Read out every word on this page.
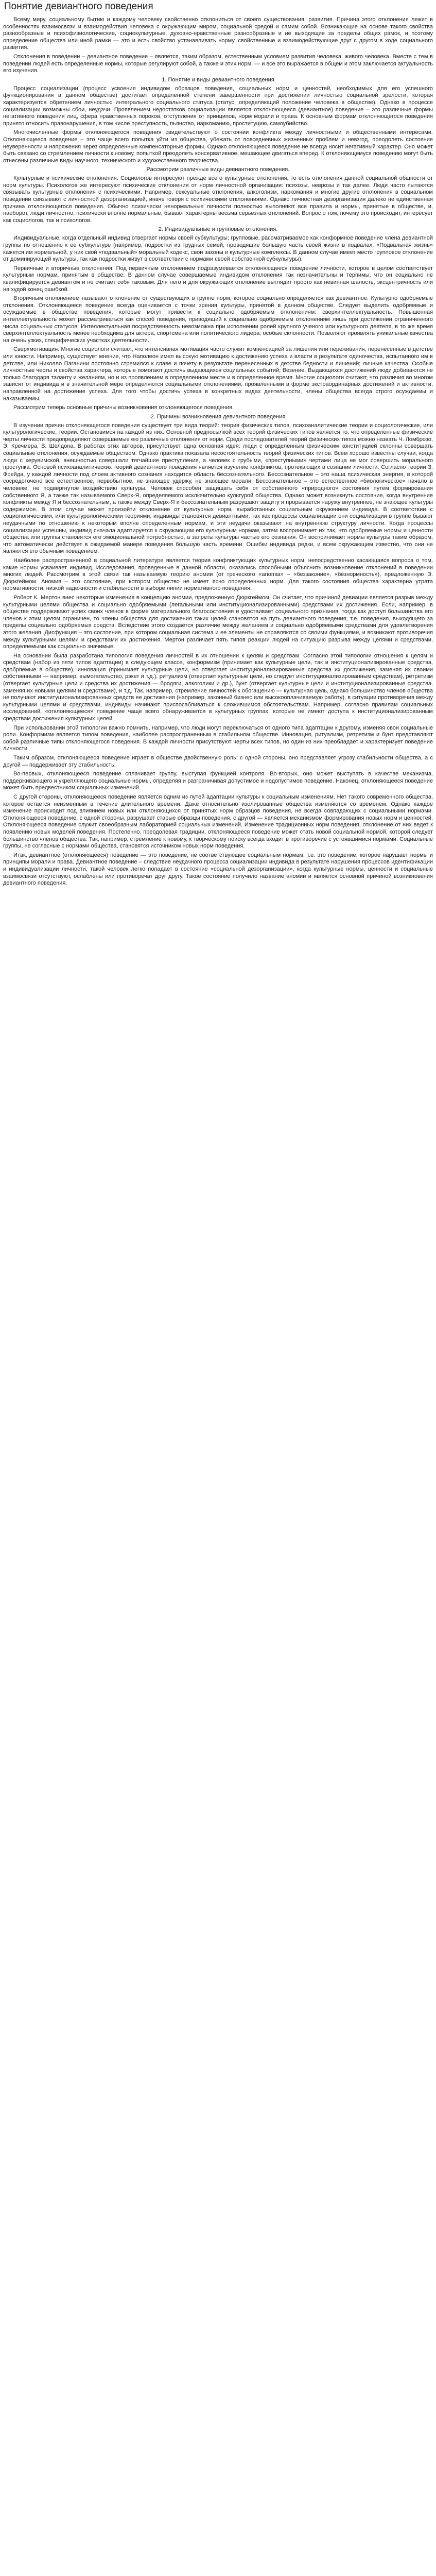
Понятие девиантного поведения

Всему миру, социальному бытию и каждому человеку свойственно отклониться от своего существования, развития. Причина этого отклонения лежит в особенностях взаимосвязи и взаимодействия человека с окружающим миром, социальной средой и самим собой. Возникающие на основе такого свойства разнообразные и психофизиологические, социокультурные, духовно-нравственные разнообразные и не выходящие за пределы общих рамок, и поэтому определение общества или иной рамки — это и есть свойство устанавливать норму, свойственные и взаимодействующие друг с другом в ходе социального развития.

Отклонения в поведении – девиантное поведение – является, таким образом, естественным условием развития человека, живого человека. Вместе с тем в поведении людей есть определенные нормы, которые регулируют собой, а также и этих норм, — и все это выражается в общем и этом заключается актуальность его изучения.

1. Понятие и виды девиантного поведения

Процесс социализации (процесс усвоения индивидом образцов поведения, социальных норм и ценностей, необходимых для его успешного функционирования в данном обществе) достигает определенной степени завершенности при достижении личностью социальной зрелости, которая характеризуется обретением личностью интегрального социального статуса (статус, определяющий положение человека в обществе). Однако в процессе социализации возможны сбои, неудачи. Проявлением недостатков социализации является отклоняющееся (девиантное) поведение – это различные формы негативного поведения лиц, сфера нравственных пороков, отступления от принципов, норм морали и права. К основным формам отклоняющегося поведения принято относить правонарушения, в том числе преступность, пьянство, наркоманию, проституцию, самоубийство.

Многочисленные формы отклоняющегося поведения свидетельствуют о состоянии конфликта между личностными и общественными интересами. Отклоняющееся поведение – это чаще всего попытка уйти из общества, убежать от повседневных жизненных проблем и невзгод, преодолеть состояние неуверенности и напряжения через определенные компенсаторные формы. Однако отклоняющееся поведение не всегда носит негативный характер. Оно может быть связано со стремлением личности к новому, попыткой преодолеть консервативное, мешающее двигаться вперед. К отклоняющемуся поведению могут быть отнесены различные виды научного, технического и художественного творчества.

Рассмотрим различные виды девиантного поведения.

Культурные и психические отклонения. Социологов интересуют прежде всего культурные отклонения, то есть отклонения данной социальной общности от норм культуры. Психологов же интересуют психические отклонения от норм личностной организации: психозы, неврозы и так далее. Люди часто пытаются связывать культурные отклонения с психическими. Например, сексуальные отклонения, алкоголизм, наркомания и многие другие отклонения в социальном поведении связывают с личностной дезорганизацией, иначе говоря с психическими отклонениями. Однако личностная дезорганизация далеко не единственная причина отклоняющегося поведения. Обычно психически ненормальные личности полностью выполняют все правила и нормы, принятые в обществе, и, наоборот, люди личностно, психически вполне нормальные, бывают характерны весьма серьезных отклонений. Вопрос о том, почему это происходит, интересует как социологов, так и психологов.

2. Индивидуальные и групповые отклонения.

Индивидуальные, когда отдельный индивид отвергает нормы своей субкультуры; групповые, рассматриваемое как конформное поведение члена девиантной группы по отношению к ее субкультуре (например, подростки из трудных семей, проводящие большую часть своей жизни в подвалах. «Подвальная жизнь» кажется им нормальной, у них свой «подвальный» моральный кодекс, свои законы и культурные комплексы. В данном случае имеет место групповое отклонение от доминирующей культуры, так как подростки живут в соответствии с нормами своей собственной субкультуры).

Первичные и вторичные отклонения. Под первичным отклонением подразумевается отклоняющееся поведение личности, которое в целом соответствует культурным нормам, принятым в обществе. В данном случае совершаемые индивидом отклонения так незначительны и терпимы, что он социально не квалифицируется девиантом и не считает себя таковым. Для него и для окружающих отклонение выглядит просто как невинная шалость, эксцентричность или на худой конец ошибкой.

Вторичным отклонением называют отклонение от существующих в группе норм, которое социально определяется как девиантное. Культурно одобряемые отклонения. Отклоняющееся поведение всегда оценивается с точки зрения культуры, принятой в данном обществе. Следует выделить одобряемые и осуждаемые в обществе поведения, которые могут привести к социально одобряемым отклонениям: сверхинтеллектуальность. Повышенная интеллектуальность может рассматриваться как способ поведения, приводящий к социально одобряемым отклонениям лишь при достижении ограниченного числа социальных статусов. Интеллектуальная посредственность невозможна при исполнении ролей крупного ученого или культурного деятеля, в то же время сверхинтеллектуальность менее необходима для актера, спортсмена или политического лидера; особые склонности. Позволяют проявлять уникальные качества на очень узких, специфических участках деятельности.

Сверхмотивация. Многие социологи считают, что интенсивная мотивация часто служит компенсацией за лишения или переживания, перенесенные в детстве или юности. Например, существует мнение, что Наполеон имел высокую мотивацию к достижению успеха и власти в результате одиночества, испытанного им в детстве, или Николло Паганини постоянно стремился к славе и почету в результате перенесенных в детстве бедности и лишений; личные качества. Особые личностные черты и свойства характера, которые помогают достичь выдающихся социальных событий; Везение. Выдающихся достижений люди добиваются не только благодаря таланту и желаниям, но и из проявлением в определенном месте и в определенное время. Многие социологи считают, что различия во многом зависят от индивида и в значительной мере определяются социальными отклонениями, проявленными в форме экстраординарных достижений и активности, направленной на достижение успеха. Для того чтобы достичь успеха в конкретных видах деятельности, члены общества всегда строго осуждаемы и наказываемы.

Рассмотрим теперь основные причины возникновения отклоняющегося поведения.

2. Причины возникновения девиантного поведения

В изучении причин отклоняющегося поведения существует три вида теорий: теория физических типов, психоаналитические теории и социологические, или культурологические, теории. Остановимся на каждой из них. Основной предпосылкой всех теорий физических типов является то, что определенные физические черты личности предопределяют совершаемые ею различные отклонения от норм. Среди последователей теорий физических типов можно назвать Ч. Ломброзо, Э. Кречмера, В. Шелдона. В работах этих авторов, присутствует одна основная идея: люди с определенным физическим конституцией склонны совершать социальные отклонения, осуждаемые обществом. Однако практика показала несостоятельность теорий физических типов. Всем хорошо известны случаи, когда люди с херувимской, внешностью совершали тягчайшие преступления, а человек с грубыми, «преступными» чертами лица не мог совершить морального проступка. Основой психоаналитических теорий девиантного поведения является изучение конфликтов, протекающих в сознании личности. Согласно теории З. Фрейда, у каждой личности под слоем активного сознания находится область бессознательного. Бессознательное – это наша психическая энергия, в которой сосредоточено все естественное, первобытное, не знающее удержу, не знающее морали. Бессознательное – это естественное «биологическое» начало в человеке, не подвергнутое воздействию культуры. Человек способен защищать себя от собственного «природного» состояния путем формирования собственного Я, а также так называемого Сверх-Я, определяемого исключительно культурой общества. Однако может возникнуть состояние, когда внутренние конфликты между Я и бессознательным, а также между Сверх-Я и бессознательным разрушают защиту и прорывается наружу внутреннее, не знающее культуры содержимое. В этом случае может произойти отклонение от культурных норм, выработанных социальным окружением индивида. В соответствии с социологическими, или культурологическими теориями, индивиды становятся девиантными, так как процессы социализации они социализации в группе бывают неудачными по отношению к некоторым вполне определенным нормам, и эти неудачи оказывают на внутреннюю структуру личности. Когда процессы социализации успешны, индивид сначала адаптируется к окружающим его культурным нормам, затем воспринимает их так, что одобряемые нормы и ценности общества или группы становятся его эмоциональной потребностью, а запреты культуры частью его сознания. Он воспринимает нормы культуры таким образом, что автоматически действует в ожидаемой манере поведения большую часть времени. Ошибки индивида редки, и всем окружающим известно, что они не являются его обычным поведением.

Наиболее распространенной в социальной литературе является теория конфликтующих культурных норм, непосредственно касающаяся вопроса о том, какие нормы усваивает индивид. Исследования, проведенные в данной области, оказались способными объяснить возникновение отклонений в поведении многих людей. Рассмотрим в этой связи так называемую теорию аномии (от греческого «anomia» – «беззаконие», «безнормность»), предложенную Э. Дюркгеймом. Аномия – это состояние, при котором общество не имеет ясно определенных норм. Для такого состояния общества характерна утрата нормативности, низкой надежности и стабильности в выборе линии нормативного поведения.

Роберт К. Мертон внес некоторые изменения в концепцию аномии, предложенную Дюркгеймом. Он считает, что причиной девиации является разрыв между культурными целями общества и социально одобряемыми (легальными или институционализированными) средствами их достижения. Если, например, в обществе поддерживают успех своих членов в форме материального благосостояния и удостаивает социального признания, тогда как доступ большинства его членов к этим целям ограничен, то члены общества для достижения таких целей становятся на путь девиантного поведения, т.е. поведения, выходящего за пределы социально одобряемых средств. Вследствие этого создается различие между желанием и социально одобряемыми средствами для удовлетворения этого желания. Дисфункция – это состояние, при котором социальная система и ее элементы не справляются со своими функциями, и возникают противоречия между культурными целями и средствами их достижения. Мертон различает пять типов реакции людей на ситуацию разрыва между целями и средствами, определяемыми как социально значимые.

На основании была разработана типология поведения личностей в их отношении к целям и средствам. Согласно этой типологии отношения к целям и средствам (набор из пяти типов адаптации) в следующем классе, конформизм (принимает как культурные цели, так и институционализированные средства, одобряемые в обществе), инновация (принимает культурные цели, но отвергает институционализированные средства их достижения, заменяя их своими собственными — например, вымогательство, рэкет и т.д.), ритуализм (отвергает культурные цели, но следует институционализированным средствам), ретретизм (отвергает культурные цели и средства их достижения — бродяги, алкоголики и др.), бунт (отвергает культурные цели и институционализированные средства, заменяя их новыми целями и средствами), и т.д. Так, например, стремление личностей к обогащению — культурная цель, однако большинство членов общества не получают институционализированных средств ее достижения (например, законный бизнес или высокооплачиваемую работу), в ситуации противоречия между культурными целями и средствами, индивиды начинают приспосабливаться к сложившимся обстоятельствам. Например, согласно правилам социальных исследований, «отклоняющееся» поведение чаще всего обнаруживается в культурных группах, которые не имеют доступа к институционализированным средствам достижения культурных целей.

При использовании этой типологии важно помнить, например, что люди могут переключаться от одного типа адаптации к другому, изменяя свои социальные роли. Конформизм является типом поведения, наиболее распространенным в стабильном обществе. Инновация, ритуализм, ретретизм и бунт представляют собой различные типы отклоняющегося поведения. В каждой личности присутствуют черты всех типов, но один из них преобладает и характеризует поведение личности.

Таким образом, отклоняющееся поведение играет в обществе двойственную роль: с одной стороны, оно представляет угрозу стабильности общества, а с другой — поддерживает эту стабильность.

Во-первых, отклоняющееся поведение сплачивает группу, выступая функцией контроля. Во-вторых, оно может выступать в качестве механизма, поддерживающего и укрепляющего социальные нормы, определяя и разграничивая допустимое и недопустимое поведение. Наконец, отклоняющееся поведение может быть предвестником социальных изменений.

С другой стороны, отклоняющееся поведение является одним из путей адаптации культуры к социальным изменениям. Нет такого современного общества, которое остается неизменным в течение длительного времени. Даже относительно изолированные общества изменяются со временем. Однако каждое изменение происходит под влиянием новых или отклоняющихся от принятых норм образцов поведения, не всегда совпадающих с социальными нормами. Отклоняющееся поведение, с одной стороны, разрушает старые образцы поведения, с другой — является механизмом формирования новых норм и ценностей. Отклоняющееся поведение служит своеобразным лабораторией социальных изменений. Изменение традиционных норм поведения, отклонение от них ведет к появлению новых моделей поведения. Постепенно, преодолевая традиции, отклоняющееся поведение может стать новой социальной нормой, которой следует большинство членов общества. Так, например, стремление к новому, к творческому поиску всегда входит в противоречие с устоявшимися нормами. Социальные группы, не согласные с нормами общества, становятся источником новых норм поведения.

Итак, девиантное (отклоняющееся) поведение — это поведение, не соответствующее социальным нормам, т.е. это поведение, которое нарушает нормы и принципы морали и права. Девиантное поведение – следствие неудачного процесса социализации индивида в результате нарушения процессов идентификации и индивидуализации личности, такой человек легко попадает в состояние «социальной дезорганизации», когда культурные нормы, ценности и социальные взаимосвязи отсутствуют, ослаблены или противоречат друг другу. Такое состояние получило название аномии и является основной причиной возникновения девиантного поведения.
